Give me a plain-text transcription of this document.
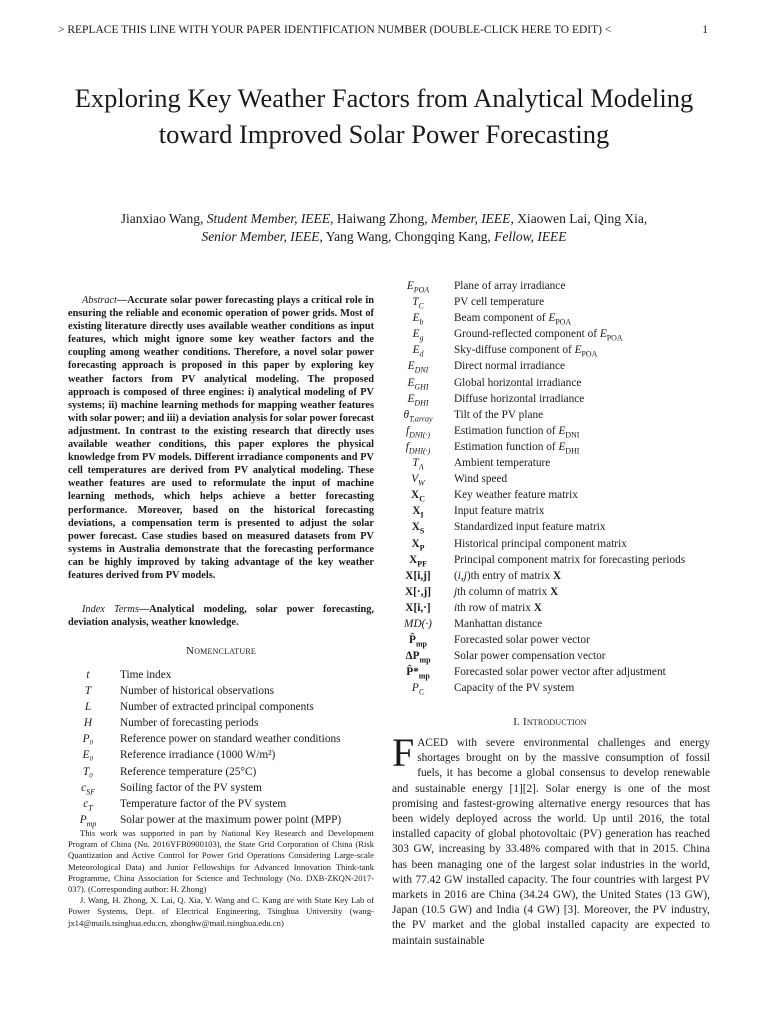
> REPLACE THIS LINE WITH YOUR PAPER IDENTIFICATION NUMBER (DOUBLE-CLICK HERE TO EDIT) <	1
Exploring Key Weather Factors from Analytical Modeling toward Improved Solar Power Forecasting
Jianxiao Wang, Student Member, IEEE, Haiwang Zhong, Member, IEEE, Xiaowen Lai, Qing Xia,
Senior Member, IEEE, Yang Wang, Chongqing Kang, Fellow, IEEE

Abstract—Accurate solar power forecasting plays a critical role in ensuring the reliable and economic operation of power grids. Most of existing literature directly uses available weather conditions as input features, which might ignore some key weather factors and the coupling among weather conditions. Therefore, a novel solar power forecasting approach is proposed in this paper by exploring key weather factors from PV analytical modeling. The proposed approach is composed of three engines: i) analytical modeling of PV systems; ii) machine learning methods for mapping weather features with solar power; and iii) a deviation analysis for solar power forecast adjustment. In contrast to the existing research that directly uses available weather conditions, this paper explores the physical knowledge from PV models. Different irradiance components and PV cell temperatures are derived from PV analytical modeling. These weather features are used to reformulate the input of machine learning methods, which helps achieve a better forecasting performance. Moreover, based on the historical forecasting deviations, a compensation term is presented to adjust the solar power forecast. Case studies based on measured datasets from PV systems in Australia demonstrate that the forecasting performance can be highly improved by taking advantage of the key weather features derived from PV models.

Index Terms—Analytical modeling, solar power forecasting, deviation analysis, weather knowledge.

Nomenclature
t	Time index
T	Number of historical observations
L	Number of extracted principal components
H	Number of forecasting periods
P₀	Reference power on standard weather conditions
E₀	Reference irradiance (1000 W/m²)
T₀	Reference temperature (25°C)
$c_{SF}$	Soiling factor of the PV system
$c_T$	Temperature factor of the PV system
$P_{mp}$	Solar power at the maximum power point (MPP)

This work was supported in part by National Key Research and Development Program of China (No. 2016YFB0900103), the State Grid Corporation of China (Risk Quantization and Active Control for Power Grid Operations Considering Large-scale Meteorological Data) and Junior Fellowships for Advanced Innovation Think-tank Programme, China Association for Science and Technology (No. DXB-ZKQN-2017-037). (Corresponding author: H. Zhong)

J. Wang, H. Zhong, X. Lai, Q. Xia, Y. Wang and C. Kang are with State Key Lab of Power Systems, Dept. of Electrical Engineering, Tsinghua University (wang-jx14@mails.tsinghua.edu.cn, zhonghw@mail.tsinghua.edu.cn)

$E_{POA}$	Plane of array irradiance
$T_C$	PV cell temperature
$E_b$	Beam component of $E_{POA}$
$E_g$	Ground-reflected component of $E_{POA}$
$E_d$	Sky-diffuse component of $E_{POA}$
$E_{DNI}$	Direct normal irradiance
$E_{GHI}$	Global horizontal irradiance
$E_{DHI}$	Diffuse horizontal irradiance
$\theta_{T,array}$	Tilt of the PV plane
$f_{DNI(\cdot)}$	Estimation function of $E_{DNI}$
$f_{DHI(\cdot)}$	Estimation function of $E_{DHI}$
$T_A$	Ambient temperature
$V_W$	Wind speed
$X_C$	Key weather feature matrix
$X_I$	Input feature matrix
$X_S$	Standardized input feature matrix
$X_P$	Historical principal component matrix
$X_{PF}$	Principal component matrix for forecasting periods
X[i,j]	(i,j)th entry of matrix X
X[·,j]	jth column of matrix X
X[i,·]	ith row of matrix X
MD(·)	Manhattan distance
$P̂_{mp}$	Forecasted solar power vector
$\Delta P_{mp}$	Solar power compensation vector
$P̂*_{mp}$	Forecasted solar power vector after adjustment
$P_C$	Capacity of the PV system
I. Introduction

FACED with severe environmental challenges and energy shortages brought on by the massive consumption of fossil fuels, it has become a global consensus to develop renewable and sustainable energy [1][2]. Solar energy is one of the most promising and fastest-growing alternative energy resources that has been widely deployed across the world. Up until 2016, the total installed capacity of global photovoltaic (PV) generation has reached 303 GW, increasing by 33.48% compared with that in 2015. China has been managing one of the largest solar industries in the world, with 77.42 GW installed capacity. The four countries with largest PV markets in 2016 are China (34.24 GW), the United States (13 GW), Japan (10.5 GW) and India (4 GW) [3]. Moreover, the PV industry, the PV market and the global installed capacity are expected to maintain sustainable
